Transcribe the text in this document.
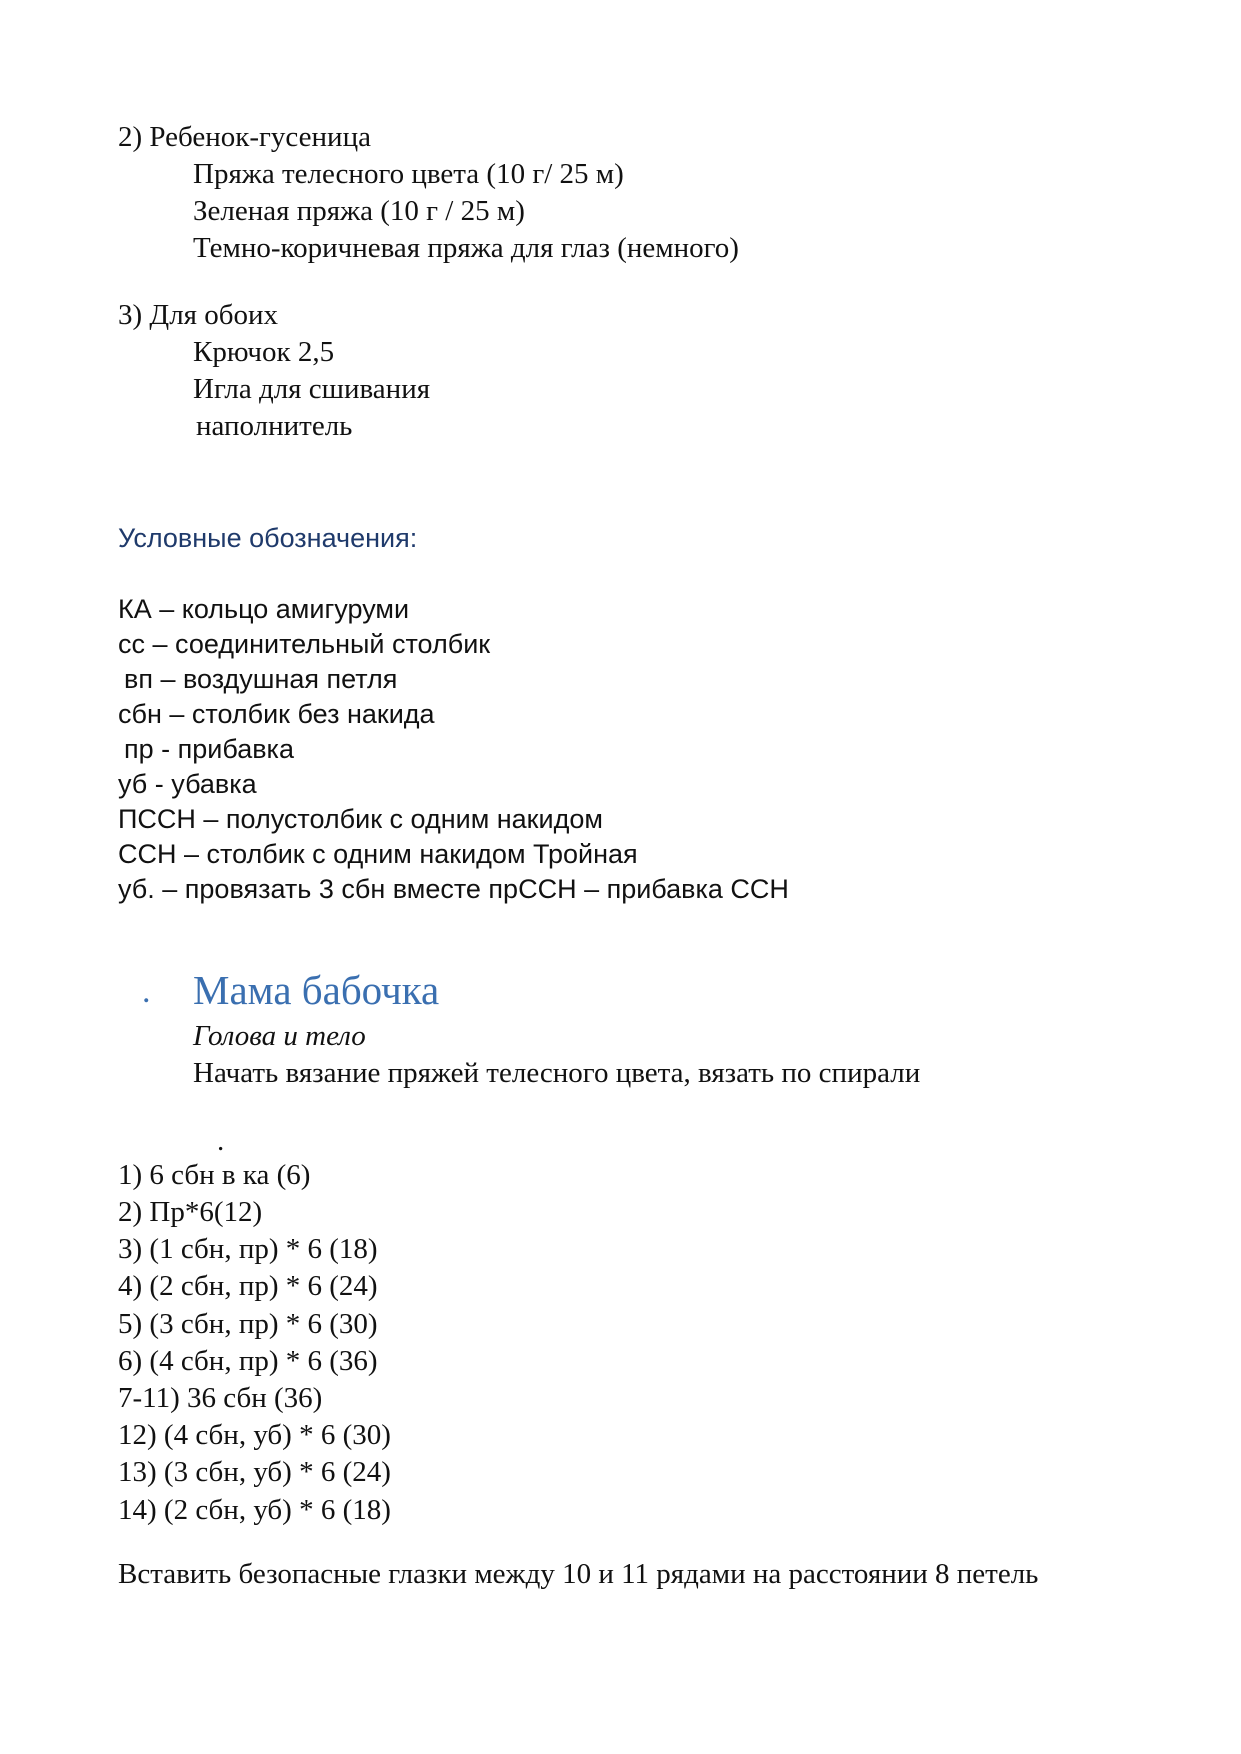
2) Ребенок-гусеница
Пряжа телесного цвета (10 г/ 25 м)
Зеленая пряжа (10 г / 25 м)
Темно-коричневая пряжа для глаз (немного)
3) Для обоих
Крючок 2,5
Игла для сшивания
наполнитель
Условные обозначения:
КА – кольцо амигуруми
сс – соединительный столбик
вп – воздушная петля
сбн – столбик без накида
пр - прибавка
уб - убавка
ПССН – полустолбик с одним накидом
ССН – столбик с одним накидом Тройная
уб. – провязать 3 сбн вместе прССН – прибавка ССН
. Мама бабочка
Голова и тело
Начать вязание пряжей телесного цвета, вязать по спирали
.
1) 6 сбн в ка (6)
2) Пр*6(12)
3) (1 сбн, пр) * 6 (18)
4) (2 сбн, пр) * 6 (24)
5) (3 сбн, пр) * 6 (30)
6) (4 сбн, пр) * 6 (36)
7-11) 36 сбн (36)
12) (4 сбн, уб) * 6 (30)
13) (3 сбн, уб) * 6 (24)
14) (2 сбн, уб) * 6 (18)
Вставить безопасные глазки между 10 и 11 рядами на расстоянии 8 петель
